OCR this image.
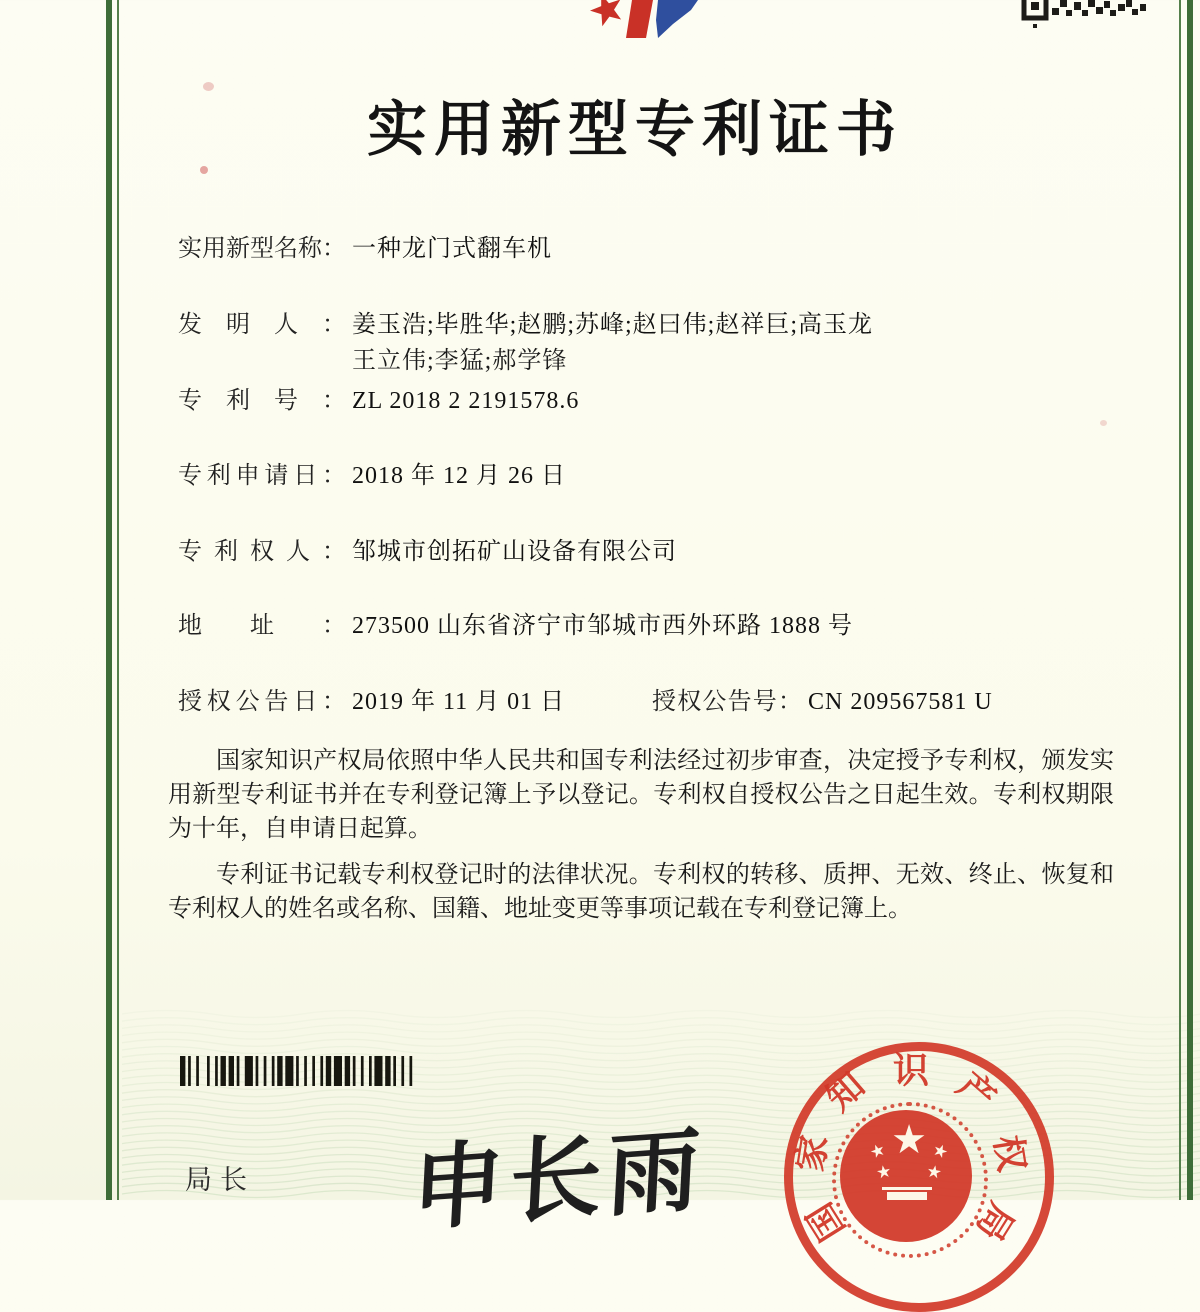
实用新型专利证书
实用新型名称： 一种龙门式翻车机
发明人： 姜玉浩;毕胜华;赵鹏;苏峰;赵曰伟;赵祥巨;高玉龙
王立伟;李猛;郝学锋
专利号： ZL 2018 2 2191578.6
专利申请日： 2018 年 12 月 26 日
专利权人： 邹城市创拓矿山设备有限公司
地址： 273500 山东省济宁市邹城市西外环路 1888 号
授权公告日： 2019 年 11 月 01 日	授权公告号： CN 209567581 U

国家知识产权局依照中华人民共和国专利法经过初步审查，决定授予专利权，颁发实用新型专利证书并在专利登记簿上予以登记。专利权自授权公告之日起生效。专利权期限为十年，自申请日起算。

专利证书记载专利权登记时的法律状况。专利权的转移、质押、无效、终止、恢复和专利权人的姓名或名称、国籍、地址变更等事项记载在专利登记簿上。

局长 申长雨	国
家
知 识 产
权
局
★
★
★
★
★
